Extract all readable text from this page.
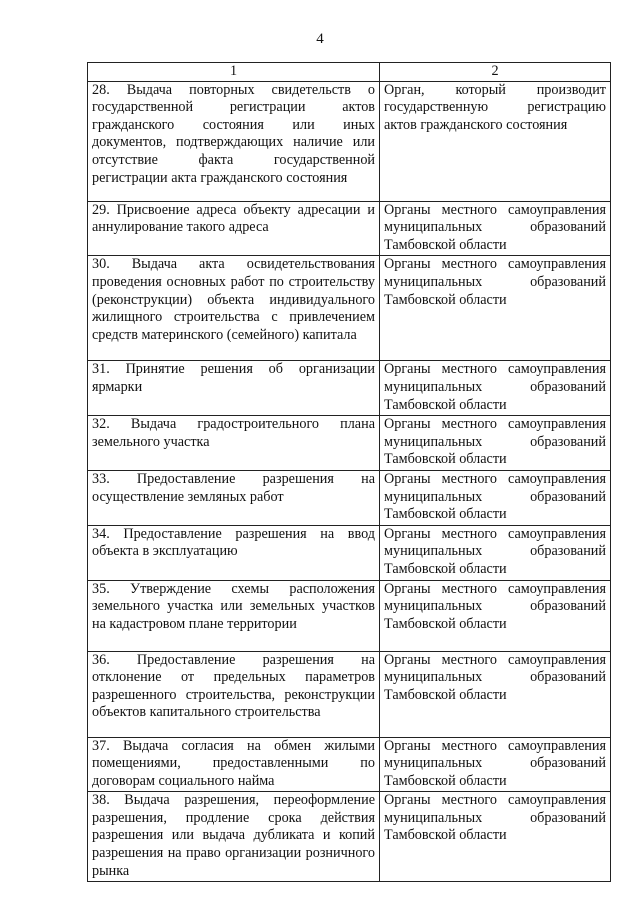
4
1	2
28. Выдача повторных свидетельств о государственной регистрации актов гражданского состояния или иных документов, подтверждающих наличие или отсутствие факта государственной регистрации акта гражданского состояния	Орган, который производит государственную регистрацию актов гражданского состояния
29. Присвоение адреса объекту адресации и аннулирование такого адреса	Органы местного самоуправления муниципальных образований Тамбовской области
30. Выдача акта освидетельствования проведения основных работ по строительству (реконструкции) объекта индивидуального жилищного строительства с привлечением средств материнского (семейного) капитала	Органы местного самоуправления муниципальных образований Тамбовской области
31. Принятие решения об организации ярмарки	Органы местного самоуправления муниципальных образований Тамбовской области
32. Выдача градостроительного плана земельного участка	Органы местного самоуправления муниципальных образований Тамбовской области
33. Предоставление разрешения на осуществление земляных работ	Органы местного самоуправления муниципальных образований Тамбовской области
34. Предоставление разрешения на ввод объекта в эксплуатацию	Органы местного самоуправления муниципальных образований Тамбовской области
35. Утверждение схемы расположения земельного участка или земельных участков на кадастровом плане территории	Органы местного самоуправления муниципальных образований Тамбовской области
36. Предоставление разрешения на отклонение от предельных параметров разрешенного строительства, реконструкции объектов капитального строительства	Органы местного самоуправления муниципальных образований Тамбовской области
37. Выдача согласия на обмен жилыми помещениями, предоставленными по договорам социального найма	Органы местного самоуправления муниципальных образований Тамбовской области
38. Выдача разрешения, переоформление разрешения, продление срока действия разрешения или выдача дубликата и копий разрешения на право организации розничного рынка	Органы местного самоуправления муниципальных образований Тамбовской области
